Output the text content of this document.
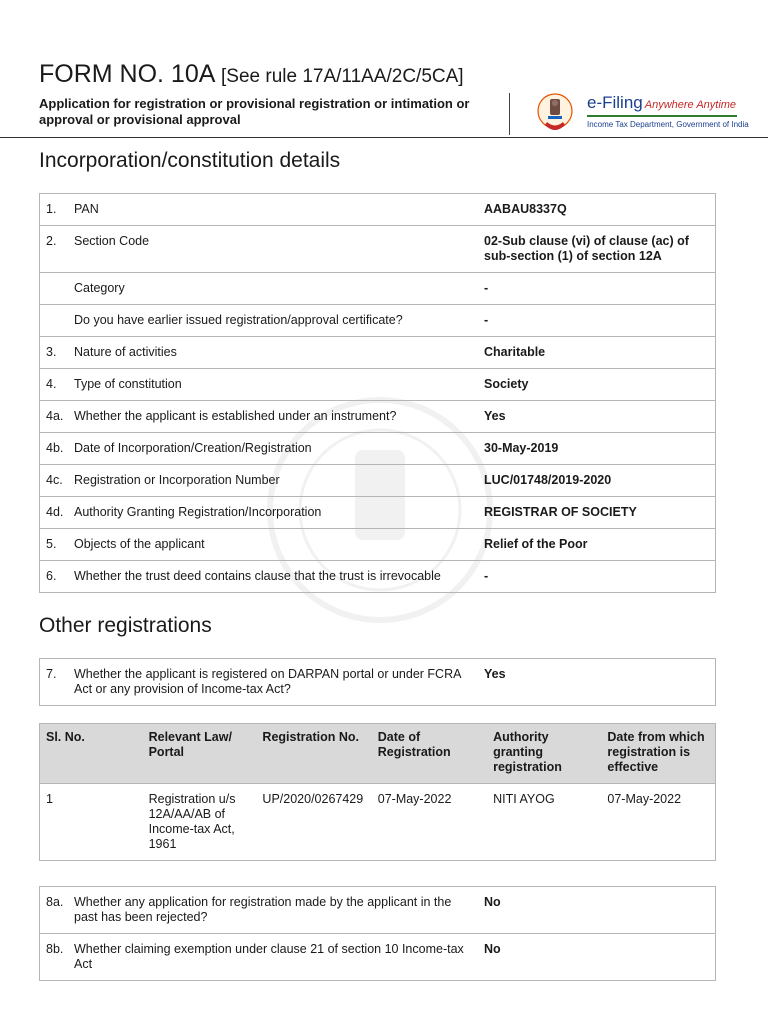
FORM NO. 10A [See rule 17A/11AA/2C/5CA]
Application for registration or provisional registration or intimation or approval or provisional approval
e-Filing Anywhere Anytime
Income Tax Department, Government of India
Incorporation/constitution details
1.	PAN	AABAU8337Q
2.	Section Code	02-Sub clause (vi) of clause (ac) of sub-section (1) of section 12A
	Category	-
	Do you have earlier issued registration/approval certificate?	-
3.	Nature of activities	Charitable
4.	Type of constitution	Society
4a.	Whether the applicant is established under an instrument?	Yes
4b.	Date of Incorporation/Creation/Registration	30-May-2019
4c.	Registration or Incorporation Number	LUC/01748/2019-2020
4d.	Authority Granting Registration/Incorporation	REGISTRAR OF SOCIETY
5.	Objects of the applicant	Relief of the Poor
6.	Whether the trust deed contains clause that the trust is irrevocable	-
Other registrations
7.	Whether the applicant is registered on DARPAN portal or under FCRA Act or any provision of Income-tax Act?	Yes
Sl. No.	Relevant Law/ Portal	Registration No.	Date of Registration	Authority granting registration	Date from which registration is effective
1	Registration u/s 12A/AA/AB of Income-tax Act, 1961	UP/2020/0267429	07-May-2022	NITI AYOG	07-May-2022
8a.	Whether any application for registration made by the applicant in the past has been rejected?	No
8b.	Whether claiming exemption under clause 21 of section 10 Income-tax Act	No
